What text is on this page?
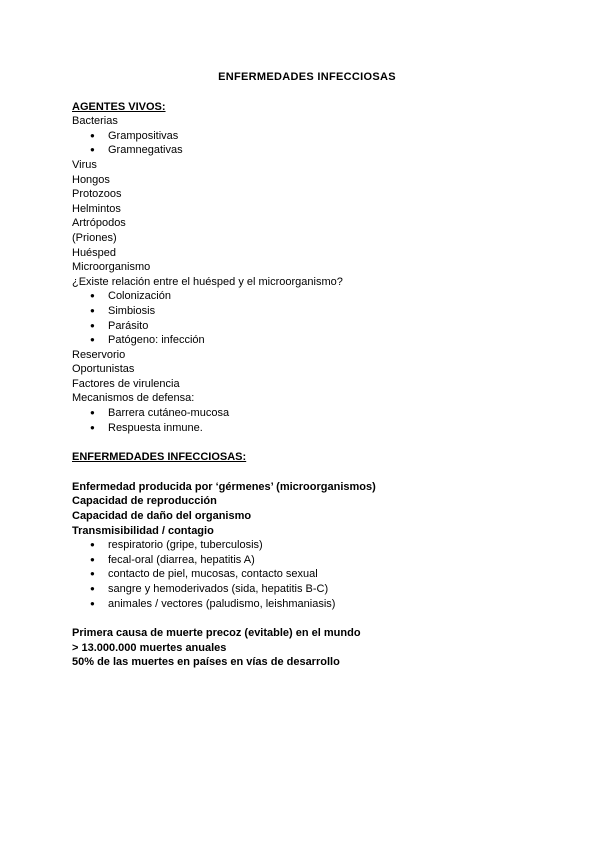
ENFERMEDADES INFECCIOSAS

AGENTES VIVOS:

Bacterias

● Grampositivas
● Gramnegativas

Virus

Hongos

Protozoos

Helmintos

Artrópodos

(Priones)

Huésped

Microorganismo

¿Existe relación entre el huésped y el microorganismo?

● Colonización
● Simbiosis
● Parásito
● Patógeno: infección

Reservorio

Oportunistas

Factores de virulencia

Mecanismos de defensa:

● Barrera cutáneo-mucosa
● Respuesta inmune.

ENFERMEDADES INFECCIOSAS:

Enfermedad producida por ‘gérmenes’ (microorganismos)

Capacidad de reproducción

Capacidad de daño del organismo

Transmisibilidad / contagio

● respiratorio (gripe, tuberculosis)
● fecal-oral (diarrea, hepatitis A)
● contacto de piel, mucosas, contacto sexual
● sangre y hemoderivados (sida, hepatitis B-C)
● animales / vectores (paludismo, leishmaniasis)

Primera causa de muerte precoz (evitable) en el mundo

> 13.000.000 muertes anuales

50% de las muertes en países en vías de desarrollo
